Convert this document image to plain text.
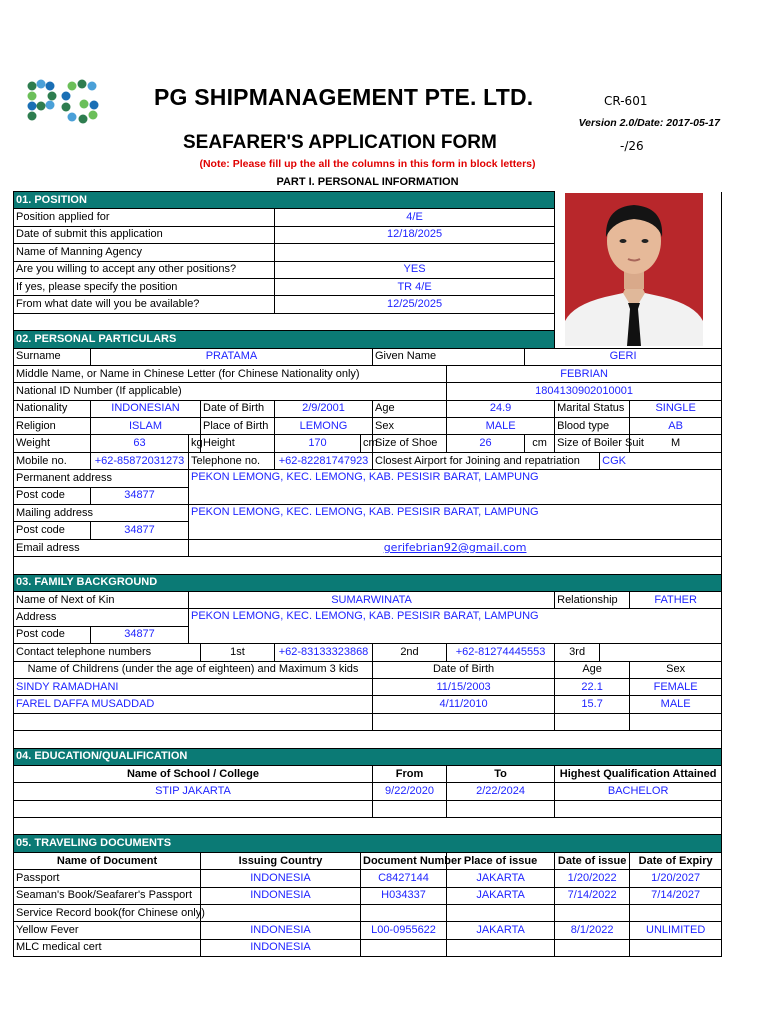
PG SHIPMANAGEMENT PTE. LTD.	CR-601
Version 2.0/Date: 2017-05-17
SEAFARER'S APPLICATION FORM	-/26
(Note: Please fill up the all the columns in this form in block letters)
PART I. PERSONAL INFORMATION
01. POSITION											
Position applied for				4/E							
Date of submit this application				12/18/2025							
Name of Manning Agency											
Are you willing to accept any other positions?				YES							
If yes, please specify the position				TR 4/E							
From what date will you be available?				12/25/2025							

02. PERSONAL PARTICULARS											
Surname	PRATAMA					Given Name		GERI			
Middle Name, or Name in Chinese Letter (for Chinese Nationality only)							FEBRIAN				
National ID Number (If applicable)							1804130902010001				
Nationality	INDONESIAN		Date of Birth	2/9/2001		Age	24.9		Marital Status		SINGLE
Religion	ISLAM		Place of Birth	LEMONG		Sex	MALE		Blood type		AB
Weight	63	kg	Height	170	cm	Size of Shoe	26	cm	Size of Boiler Suit		M
Mobile no.	+62-85872031273	Telephone no.		+62-82281747923		Closest Airport for Joining and repatriation				CGK	
Permanent address		PEKON LEMONG, KEC. LEMONG, KAB. PESISIR BARAT, LAMPUNG									
Post code	34877										
Mailing address		PEKON LEMONG, KEC. LEMONG, KAB. PESISIR BARAT, LAMPUNG									
Post code	34877										
Email adress		gerifebrian92@gmail.com									

03. FAMILY BACKGROUND											
Name of Next of Kin		SUMARWINATA							Relationship		FATHER
Address		PEKON LEMONG, KEC. LEMONG, KAB. PESISIR BARAT, LAMPUNG									
Post code	34877										
Contact telephone numbers			1st	+62-83133323868		2nd	+62-81274445553		3rd		
Name of Childrens (under the age of eighteen) and Maximum 3 kids						Date of Birth			Age		Sex
SINDY RAMADHANI						11/15/2003			22.1		FEMALE
FAREL DAFFA MUSADDAD						4/11/2010			15.7		MALE

04. EDUCATION/QUALIFICATION											
Name of School / College						From	To		Highest Qualification Attained		
STIP JAKARTA						9/22/2020	2/22/2024		BACHELOR		

05. TRAVELING DOCUMENTS											
Name of Document			Issuing Country		Document Number		Place of issue		Date of issue		Date of Expiry
Passport			INDONESIA		C8427144		JAKARTA		1/20/2022		1/20/2027
Seaman's Book/Seafarer's Passport			INDONESIA		H034337		JAKARTA		7/14/2022		7/14/2027
Service Record book(for Chinese only)											
Yellow Fever			INDONESIA		L00-0955622		JAKARTA		8/1/2022		UNLIMITED
MLC medical cert			INDONESIA								
